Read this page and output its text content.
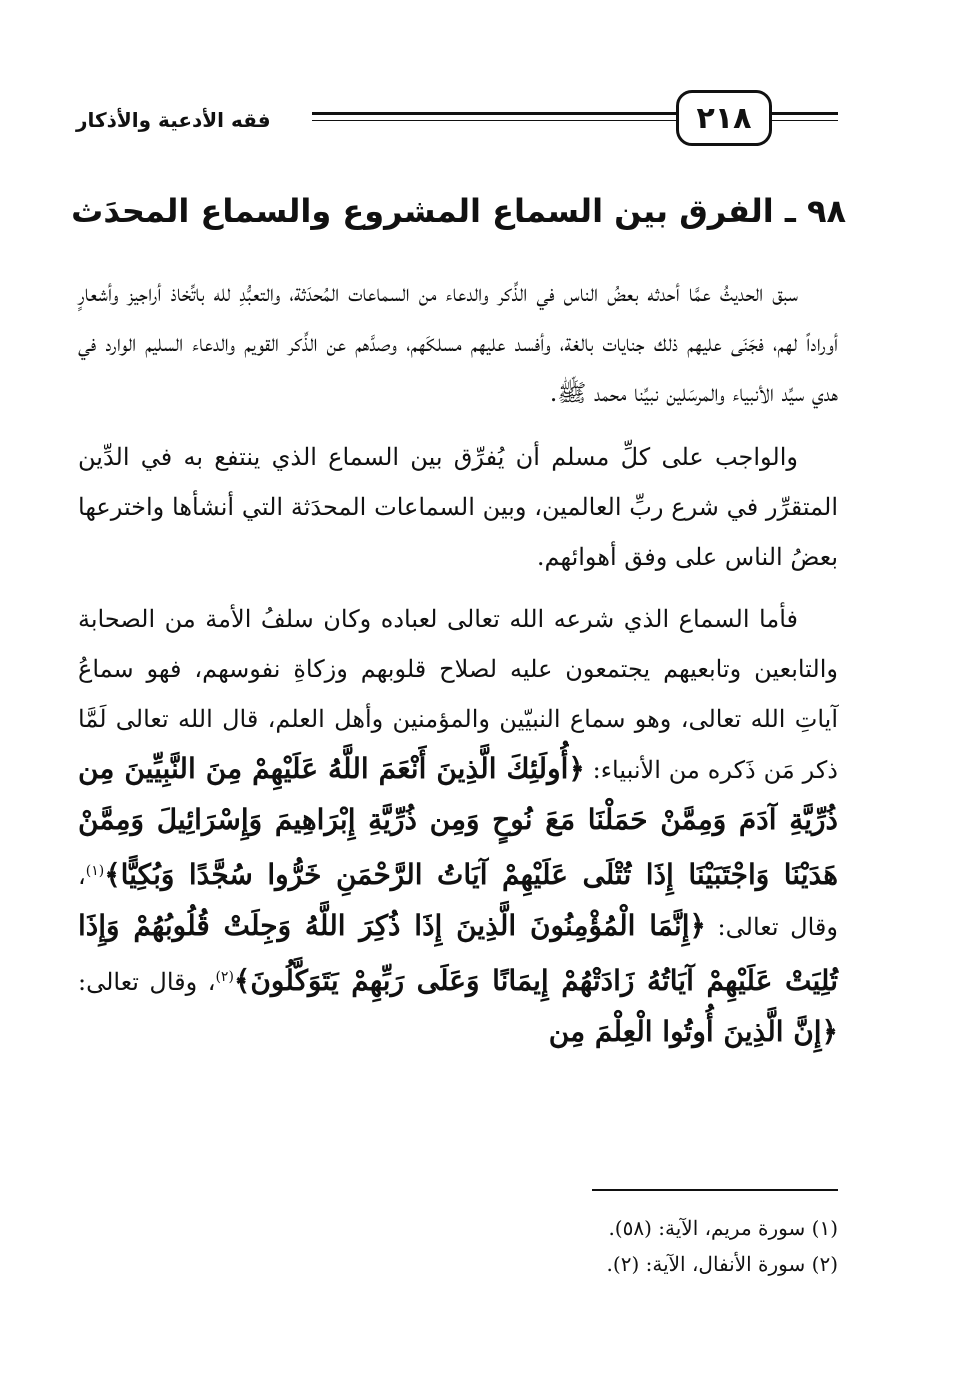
فقه الأدعية والأذكار	٢١٨
٩٨ ـ الفرق بين السماع المشروع والسماع المحدَث

سبق الحديثُ عمَّا أحدثه بعضُ الناس في الذِّكر والدعاء من السماعات المُحدَثة، والتعبُّدِ لله باتِّخاذ أراجيز وأشعارٍ أوراداً لهم، فجَنَى عليهم ذلك جنايات بالغة، وأفسد عليهم مسلكَهم، وصدَّهم عن الذِّكر القويم والدعاء السليم الوارد في هدي سيِّد الأنبياء والمرسَلين نبيِّنا محمد ﷺ.

والواجب على كلِّ مسلم أن يُفرِّق بين السماع الذي ينتفع به في الدِّين المتقرِّر في شرع ربِّ العالمين، وبين السماعات المحدَثة التي أنشأها واخترعها بعضُ الناس على وفق أهوائهم.

فأما السماع الذي شرعه الله تعالى لعباده وكان سلفُ الأمة من الصحابة والتابعين وتابعيهم يجتمعون عليه لصلاح قلوبهم وزكاةِ نفوسهم، فهو سماعُ آياتِ الله تعالى، وهو سماع النبيّين والمؤمنين وأهل العلم، قال الله تعالى لَمَّا ذكر مَن ذَكره من الأنبياء: ﴿أُولَئِكَ الَّذِينَ أَنْعَمَ اللَّهُ عَلَيْهِمْ مِنَ النَّبِيِّينَ مِن ذُرِّيَّةِ آدَمَ وَمِمَّنْ حَمَلْنَا مَعَ نُوحٍ وَمِن ذُرِّيَّةِ إِبْرَاهِيمَ وَإِسْرَائِيلَ وَمِمَّنْ هَدَيْنَا وَاجْتَبَيْنَا إِذَا تُتْلَى عَلَيْهِمْ آيَاتُ الرَّحْمَنِ خَرُّوا سُجَّدًا وَبُكِيًّا﴾$^{(١)}$، وقال تعالى: ﴿إِنَّمَا الْمُؤْمِنُونَ الَّذِينَ إِذَا ذُكِرَ اللَّهُ وَجِلَتْ قُلُوبُهُمْ وَإِذَا تُلِيَتْ عَلَيْهِمْ آيَاتُهُ زَادَتْهُمْ إِيمَانًا وَعَلَى رَبِّهِمْ يَتَوَكَّلُونَ﴾$^{(٢)}$، وقال تعالى: ﴿إِنَّ الَّذِينَ أُوتُوا الْعِلْمَ مِن

(١) سورة مريم، الآية: (٥٨).
(٢) سورة الأنفال، الآية: (٢).
